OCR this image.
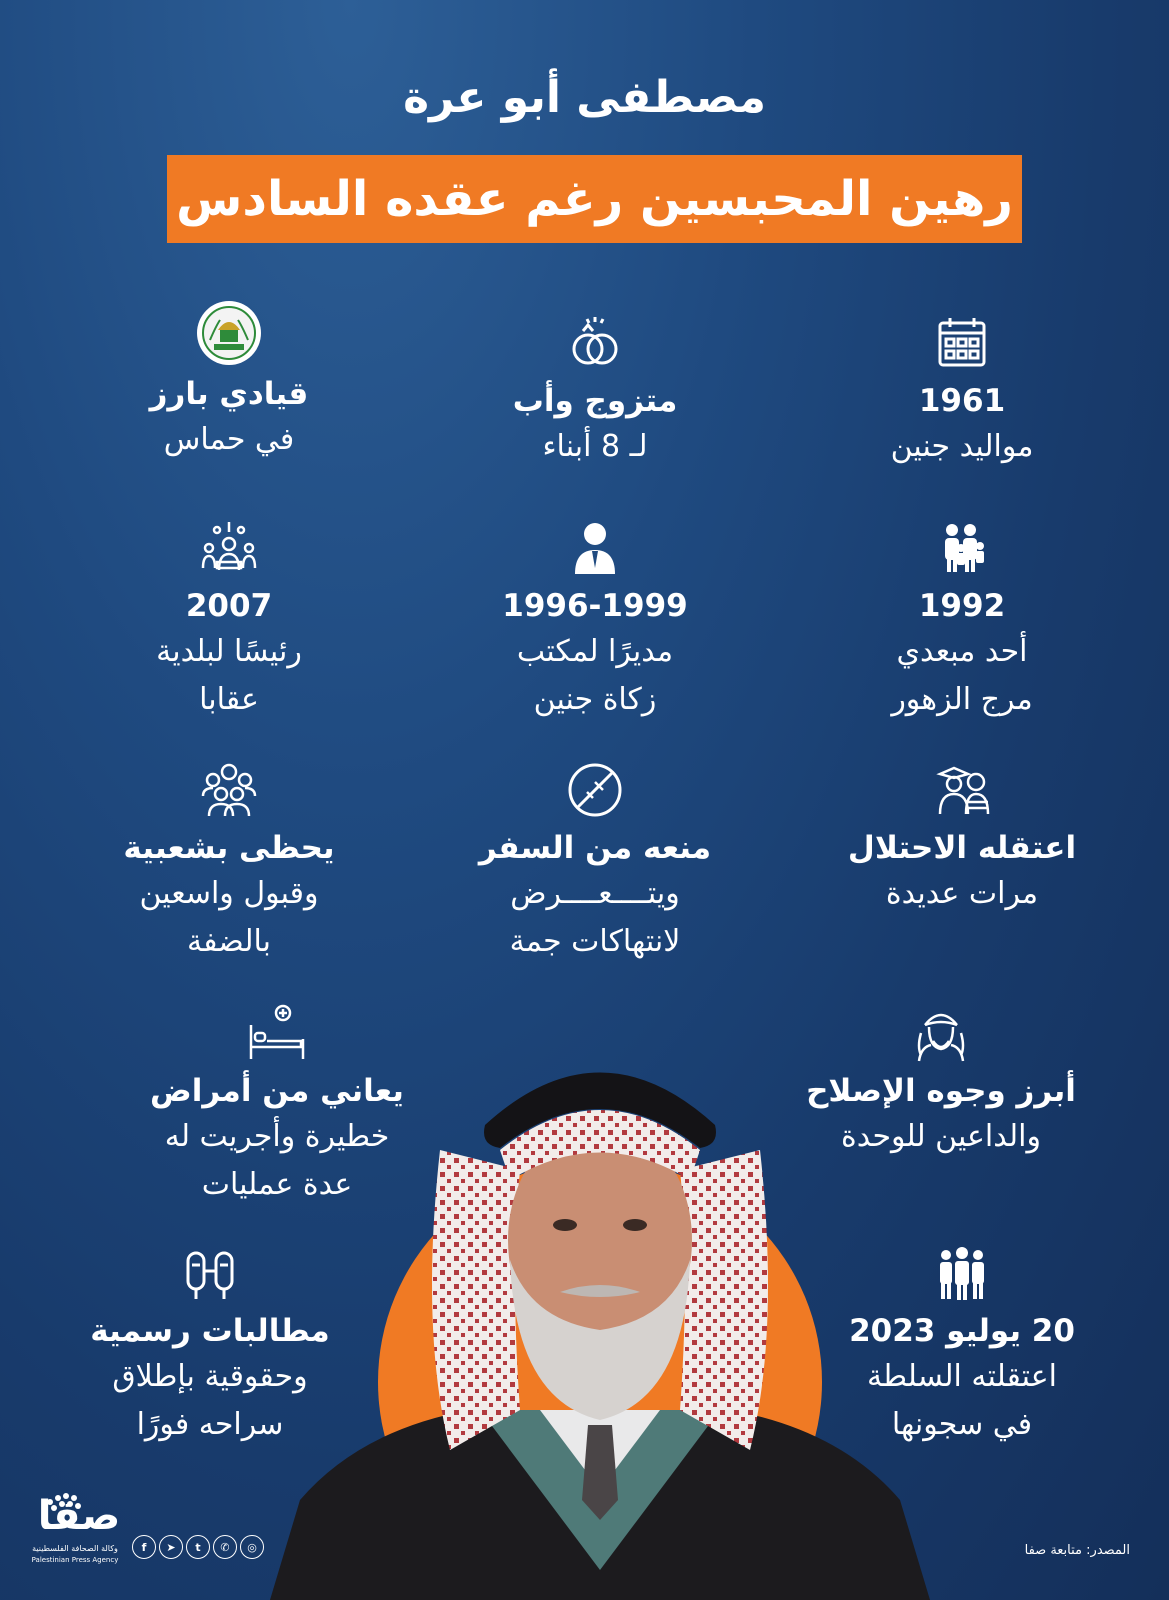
مصطفى أبو عرة
رهين المحبسين رغم عقده السادس
1961
مواليد جنين
متزوج وأب
لـ 8 أبناء
قيادي بارز
في حماس
1992
أحد مبعدي
مرج الزهور
1996-1999
مديرًا لمكتب
زكاة جنين
2007
رئيسًا لبلدية
عقابا
اعتقله الاحتلال
مرات عديدة
منعه من السفر
ويتــــعــــرض
لانتهاكات جمة
يحظى بشعبية
وقبول واسعين
بالضفة
أبرز وجوه الإصلاح
والداعين للوحدة
يعاني من أمراض
خطيرة وأجريت له
عدة عمليات
20 يوليو 2023
اعتقلته السلطة
في سجونها
مطالبات رسمية
وحقوقية بإطلاق
سراحه فورًا
صفا
وكالة الصحافة الفلسطينية
Palestinian Press Agency
f	➤	t	✆	◎	المصدر: متابعة صفا
